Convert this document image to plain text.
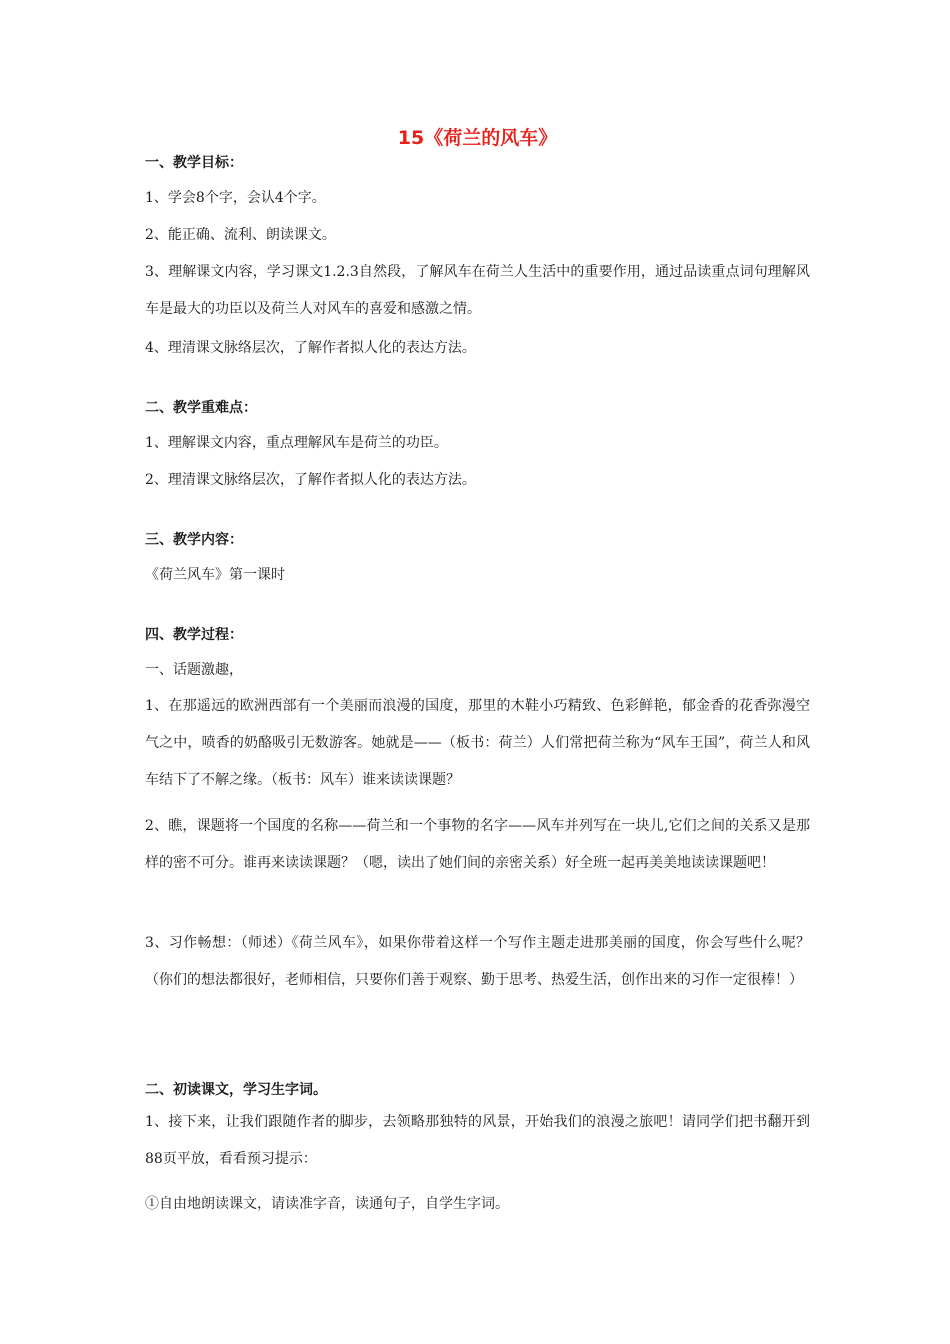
15《荷兰的风车》
一、教学目标：
1、学会8个字，会认4个字。
2、能正确、流利、朗读课文。
3、理解课文内容，学习课文1.2.3自然段，了解风车在荷兰人生活中的重要作用，通过品读重点词句理解风车是最大的功臣以及荷兰人对风车的喜爱和感激之情。
4、理清课文脉络层次，了解作者拟人化的表达方法。
二、教学重难点：
1、理解课文内容，重点理解风车是荷兰的功臣。
2、理清课文脉络层次，了解作者拟人化的表达方法。
三、教学内容：
《荷兰风车》第一课时
四、教学过程：
一、话题激趣，
1、在那遥远的欧洲西部有一个美丽而浪漫的国度，那里的木鞋小巧精致、色彩鲜艳，郁金香的花香弥漫空气之中，喷香的奶酪吸引无数游客。她就是——（板书：荷兰）人们常把荷兰称为“风车王国”，荷兰人和风车结下了不解之缘。（板书：风车）谁来读读课题？
2、瞧，课题将一个国度的名称——荷兰和一个事物的名字——风车并列写在一块儿,它们之间的关系又是那样的密不可分。谁再来读读课题？（嗯，读出了她们间的亲密关系）好全班一起再美美地读读课题吧！
3、习作畅想：（师述）《荷兰风车》，如果你带着这样一个写作主题走进那美丽的国度，你会写些什么呢？（你们的想法都很好，老师相信，只要你们善于观察、勤于思考、热爱生活，创作出来的习作一定很棒！）
二、初读课文，学习生字词。
1、接下来，让我们跟随作者的脚步，去领略那独特的风景，开始我们的浪漫之旅吧！请同学们把书翻开到88页平放，看看预习提示：
①自由地朗读课文，请读准字音，读通句子，自学生字词。
